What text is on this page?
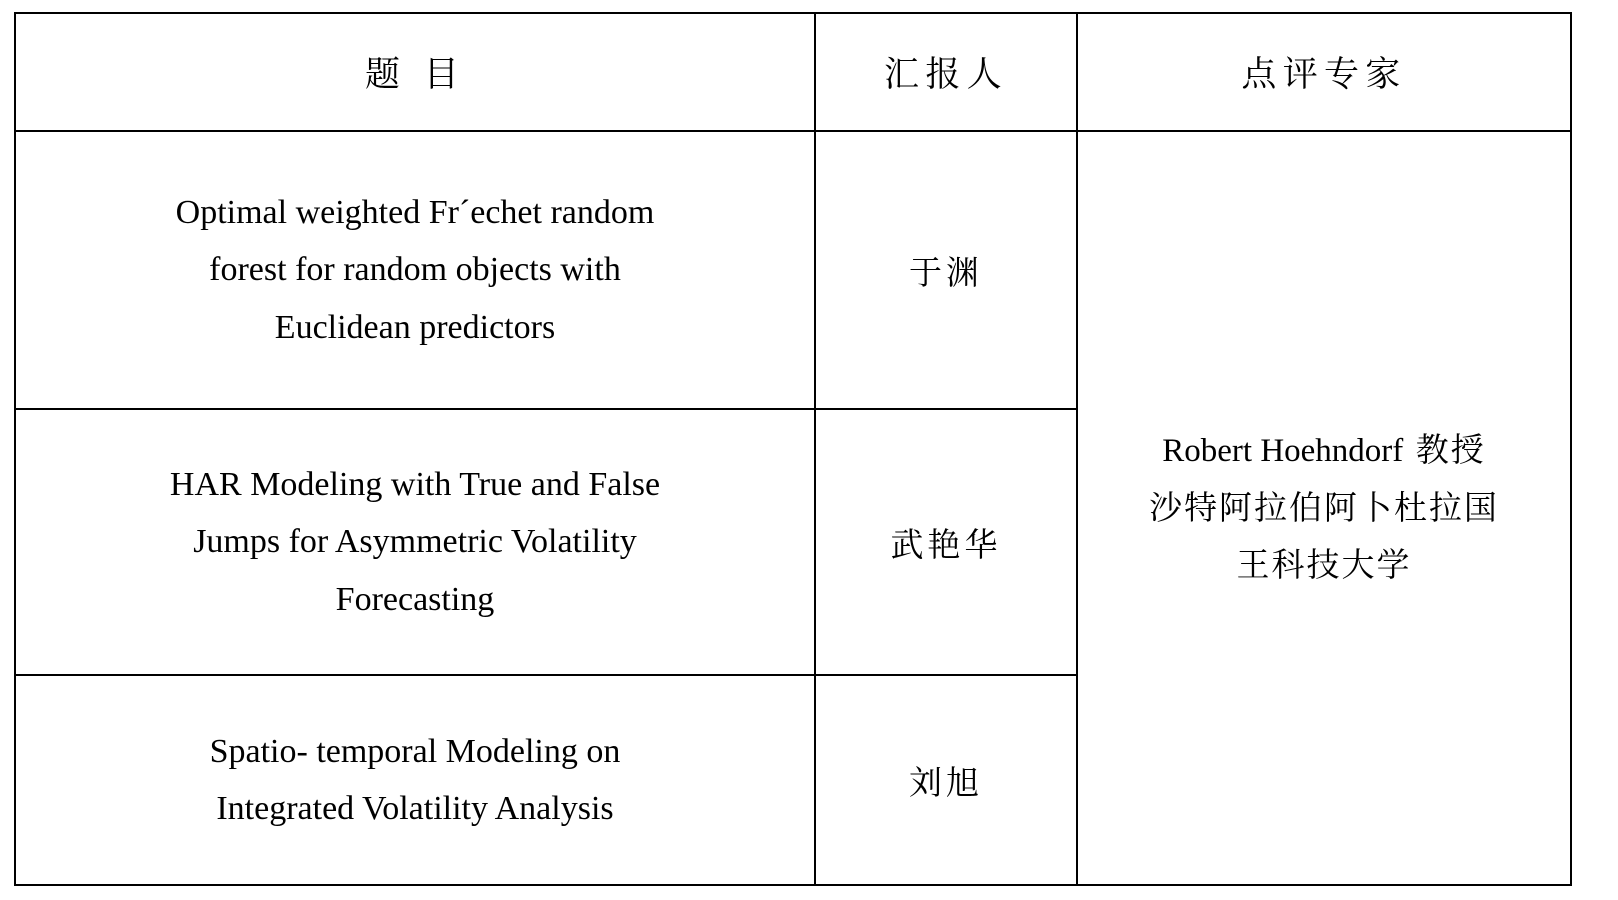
题 目	汇报人	点评专家

Optimal weighted Fr´echet random
forest for random objects with
Euclidean predictors
	于渊	
Robert Hoehndorf 教授
沙特阿拉伯阿卜杜拉国
王科技大学

HAR Modeling with True and False
Jumps for Asymmetric Volatility
Forecasting	武艳华	

Spatio- temporal Modeling on
Integrated Volatility Analysis	刘旭	
